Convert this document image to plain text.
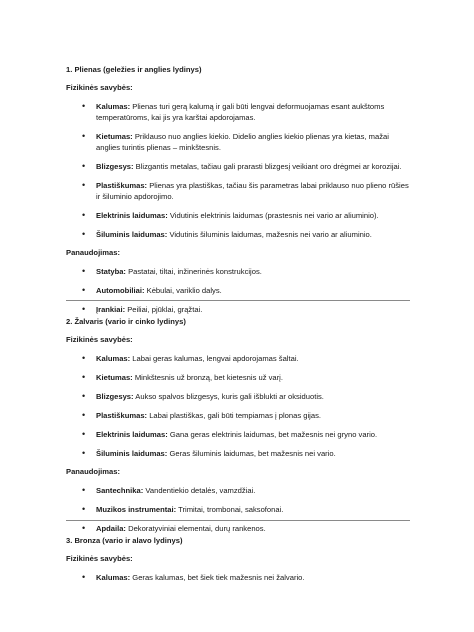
1. Plienas (geležies ir anglies lydinys)

Fizikinės savybės:

• Kalumas: Plienas turi gerą kalumą ir gali būti lengvai deformuojamas esant aukštoms temperatūroms, kai jis yra karštai apdorojamas.
• Kietumas: Priklauso nuo anglies kiekio. Didelio anglies kiekio plienas yra kietas, mažai anglies turintis plienas – minkštesnis.
• Blizgesys: Blizgantis metalas, tačiau gali prarasti blizgesį veikiant oro drėgmei ar korozijai.
• Plastiškumas: Plienas yra plastiškas, tačiau šis parametras labai priklauso nuo plieno rūšies ir šiluminio apdorojimo.
• Elektrinis laidumas: Vidutinis elektrinis laidumas (prastesnis nei vario ar aliuminio).
• Šiluminis laidumas: Vidutinis šiluminis laidumas, mažesnis nei vario ar aliuminio.

Panaudojimas:

• Statyba: Pastatai, tiltai, inžinerinės konstrukcijos.
• Automobiliai: Kėbulai, variklio dalys.
• Įrankiai: Peiliai, pjūklai, grąžtai.

2. Žalvaris (vario ir cinko lydinys)

Fizikinės savybės:

• Kalumas: Labai geras kalumas, lengvai apdorojamas šaltai.
• Kietumas: Minkštesnis už bronzą, bet kietesnis už varį.
• Blizgesys: Aukso spalvos blizgesys, kuris gali išblukti ar oksiduotis.
• Plastiškumas: Labai plastiškas, gali būti tempiamas į plonas gijas.
• Elektrinis laidumas: Gana geras elektrinis laidumas, bet mažesnis nei gryno vario.
• Šiluminis laidumas: Geras šiluminis laidumas, bet mažesnis nei vario.

Panaudojimas:

• Santechnika: Vandentiekio detalės, vamzdžiai.
• Muzikos instrumentai: Trimitai, trombonai, saksofonai.
• Apdaila: Dekoratyviniai elementai, durų rankenos.

3. Bronza (vario ir alavo lydinys)

Fizikinės savybės:

• Kalumas: Geras kalumas, bet šiek tiek mažesnis nei žalvario.
